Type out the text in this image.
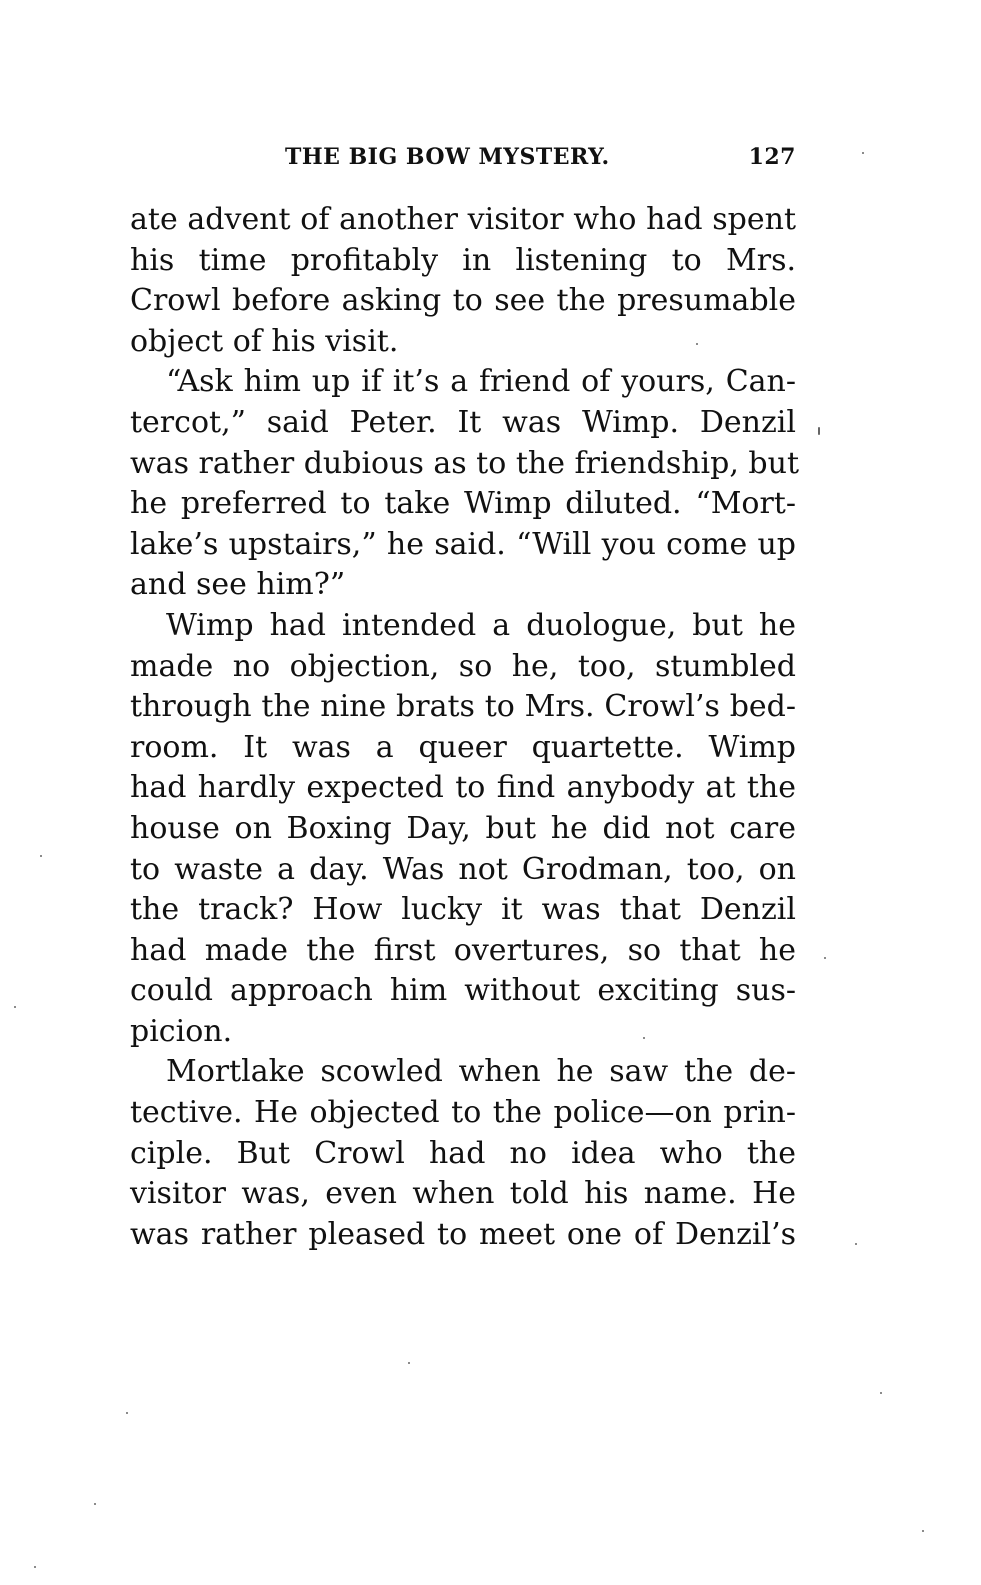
THE BIG BOW MYSTERY.	127
ate advent of another visitor who had spent
his time profitably in listening to Mrs.
Crowl before asking to see the presumable
object of his visit.
“Ask him up if it’s a friend of yours, Can-
tercot,” said Peter. It was Wimp. Denzil
was rather dubious as to the friendship, but
he preferred to take Wimp diluted. “Mort-
lake’s upstairs,” he said. “Will you come up
and see him?”
Wimp had intended a duologue, but he
made no objection, so he, too, stumbled
through the nine brats to Mrs. Crowl’s bed-
room. It was a queer quartette. Wimp
had hardly expected to find anybody at the
house on Boxing Day, but he did not care
to waste a day. Was not Grodman, too, on
the track? How lucky it was that Denzil
had made the first overtures, so that he
could approach him without exciting sus-
picion.
Mortlake scowled when he saw the de-
tective. He objected to the police—on prin-
ciple. But Crowl had no idea who the
visitor was, even when told his name. He
was rather pleased to meet one of Denzil’s
